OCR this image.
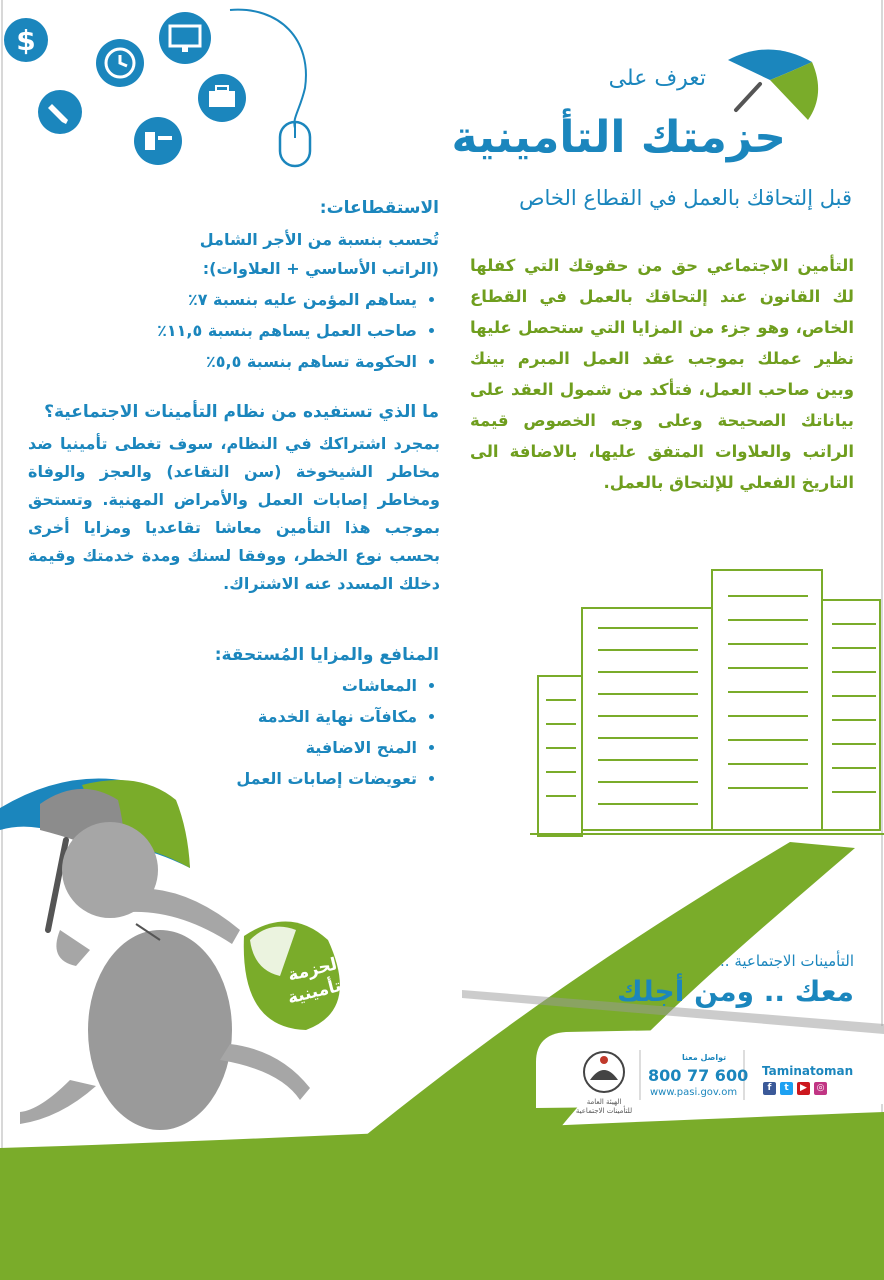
$
تعرف على
حزمتك التأمينية
قبل إلتحاقك بالعمل في القطاع الخاص
التأمين الاجتماعي حق من حقوقك التي كفلها لك القانون عند إلتحاقك بالعمل في القطاع الخاص، وهو جزء من المزايا التي ستحصل عليها نظير عملك بموجب عقد العمل المبرم بينك وبين صاحب العمل، فتأكد من شمول العقد على بياناتك الصحيحة وعلى وجه الخصوص قيمة الراتب والعلاوات المتفق عليها، بالاضافة الى التاريخ الفعلي للإلتحاق بالعمل.
الاستقطاعات:
تُحسب بنسبة من الأجر الشامل
(الراتب الأساسي + العلاوات):
• يساهم المؤمن عليه بنسبة ٧٪
• صاحب العمل يساهم بنسبة ١١,٥٪
• الحكومة تساهم بنسبة ٥,٥٪
ما الذي تستفيده من نظام التأمينات الاجتماعية؟
بمجرد اشتراكك في النظام، سوف تغطى تأمينيا ضد مخاطر الشيخوخة (سن التقاعد) والعجز والوفاة ومخاطر إصابات العمل والأمراض المهنية. وتستحق بموجب هذا التأمين معاشا تقاعديا ومزايا أخرى بحسب نوع الخطر، ووفقا لسنك ومدة خدمتك وقيمة دخلك المسدد عنه الاشتراك.
المنافع والمزايا المُستحقة:
• المعاشات
• مكافآت نهاية الخدمة
• المنح الاضافية
• تعويضات إصابات العمل
الحزمة التأمينية
التأمينات الاجتماعية ..
معك .. ومن أجلك
تواصل معنا
800 77 600
www.pasi.gov.om
Taminatoman
f	t	▶	◎
الهيئة العامة للتأمينات الاجتماعية
